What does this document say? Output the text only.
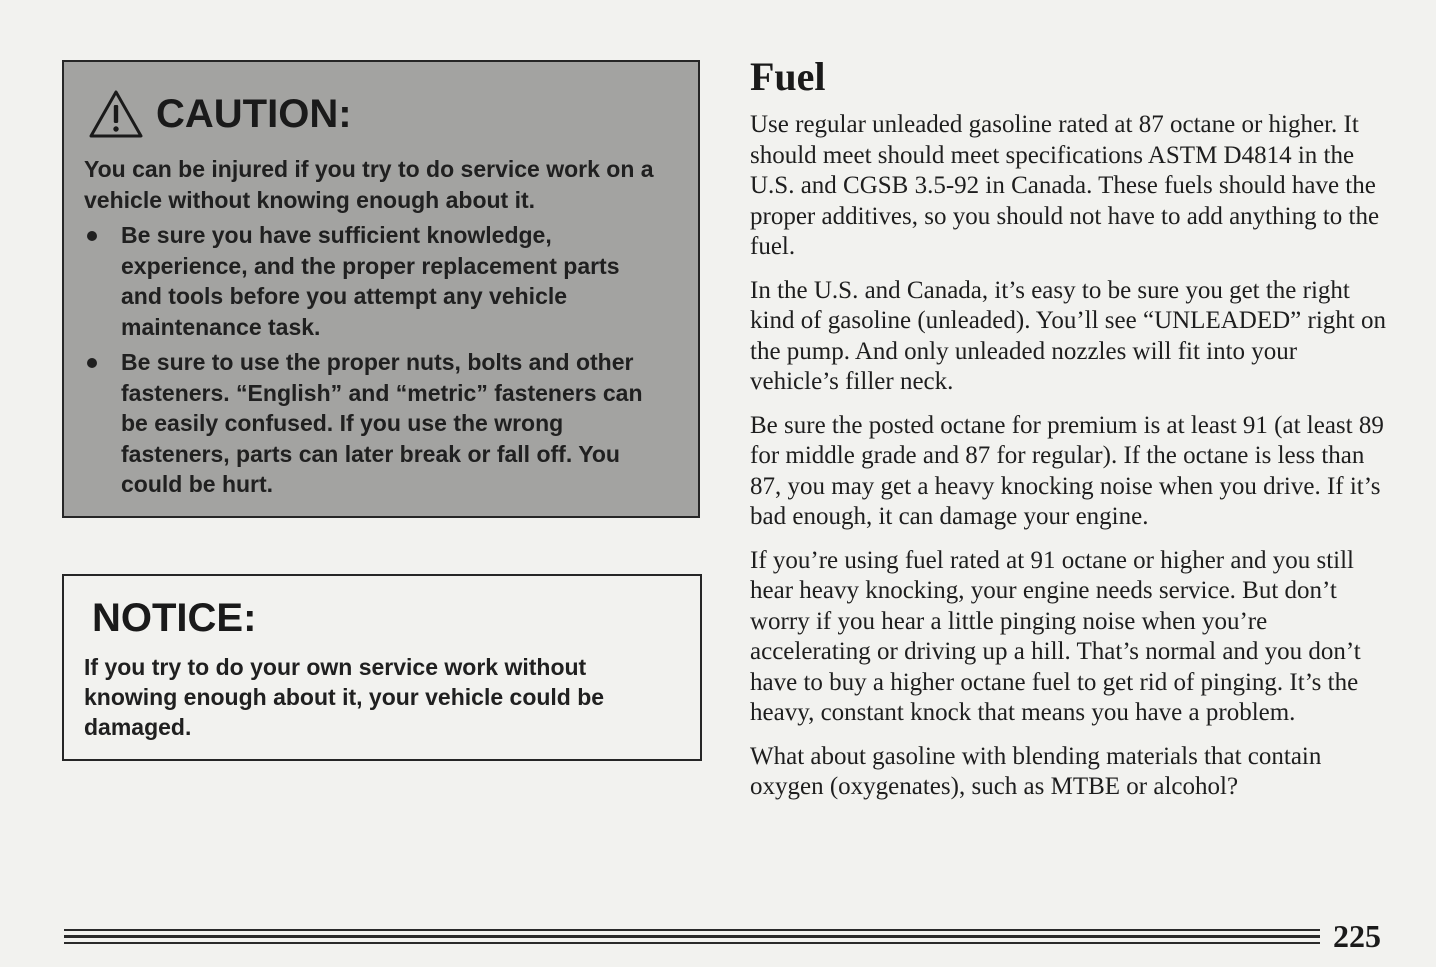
CAUTION:

You can be injured if you try to do service work on a vehicle without knowing enough about it.

Be sure you have sufficient knowledge, experience, and the proper replacement parts and tools before you attempt any vehicle maintenance task.
Be sure to use the proper nuts, bolts and other fasteners. “English” and “metric” fasteners can be easily confused. If you use the wrong fasteners, parts can later break or fall off. You could be hurt.
NOTICE:

If you try to do your own service work without knowing enough about it, your vehicle could be damaged.

Fuel

Use regular unleaded gasoline rated at 87 octane or higher. It should meet should meet specifications ASTM D4814 in the U.S. and CGSB 3.5-92 in Canada. These fuels should have the proper additives, so you should not have to add anything to the fuel.

In the U.S. and Canada, it’s easy to be sure you get the right kind of gasoline (unleaded). You’ll see “UNLEADED” right on the pump. And only unleaded nozzles will fit into your vehicle’s filler neck.

Be sure the posted octane for premium is at least 91 (at least 89 for middle grade and 87 for regular). If the octane is less than 87, you may get a heavy knocking noise when you drive. If it’s bad enough, it can damage your engine.

If you’re using fuel rated at 91 octane or higher and you still hear heavy knocking, your engine needs service. But don’t worry if you hear a little pinging noise when you’re accelerating or driving up a hill. That’s normal and you don’t have to buy a higher octane fuel to get rid of pinging. It’s the heavy, constant knock that means you have a problem.

What about gasoline with blending materials that contain oxygen (oxygenates), such as MTBE or alcohol?

225
